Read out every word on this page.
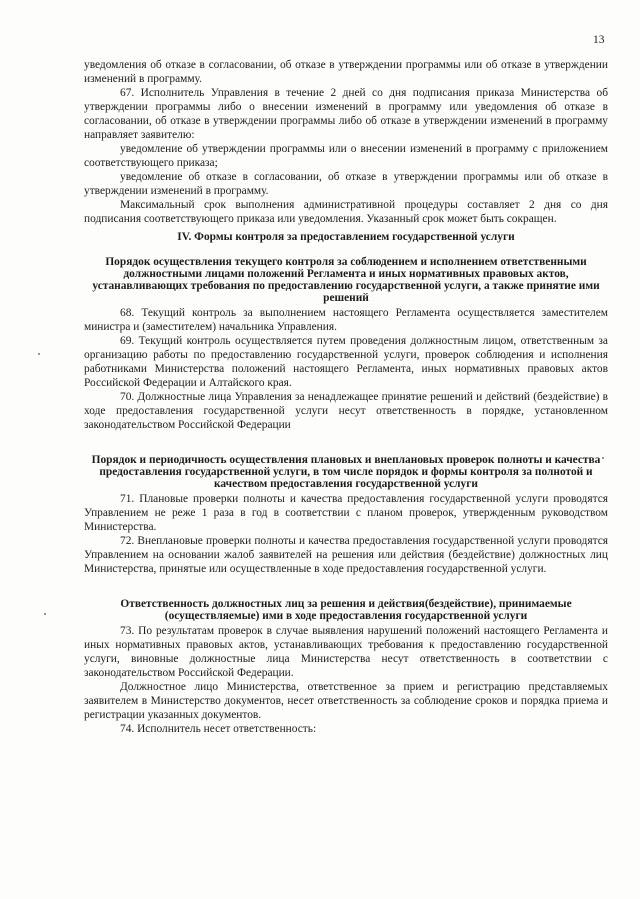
13

уведомления об отказе в согласовании, об отказе в утверждении программы или об отказе в утверждении изменений в программу.

67. Исполнитель Управления в течение 2 дней со дня подписания приказа Министерства об утверждении программы либо о внесении изменений в программу или уведомления об отказе в согласовании, об отказе в утверждении программы либо об отказе в утверждении изменений в программу направляет заявителю:

уведомление об утверждении программы или о внесении изменений в программу с приложением соответствующего приказа;

уведомление об отказе в согласовании, об отказе в утверждении программы или об отказе в утверждении изменений в программу.

Максимальный срок выполнения административной процедуры составляет 2 дня со дня подписания соответствующего приказа или уведомления. Указанный срок может быть сокращен.

IV. Формы контроля за предоставлением государственной услуги
Порядок осуществления текущего контроля за соблюдением и исполнением ответственными должностными лицами положений Регламента и иных нормативных правовых актов, устанавливающих требования по предоставлению государственной услуги, а также принятие ими решений

68. Текущий контроль за выполнением настоящего Регламента осуществляется заместителем министра и (заместителем) начальника Управления.

69. Текущий контроль осуществляется путем проведения должностным лицом, ответственным за организацию работы по предоставлению государственной услуги, проверок соблюдения и исполнения работниками Министерства положений настоящего Регламента, иных нормативных правовых актов Российской Федерации и Алтайского края.

70. Должностные лица Управления за ненадлежащее принятие решений и действий (бездействие) в ходе предоставления государственной услуги несут ответственность в порядке, установленном законодательством Российской Федерации

Порядок и периодичность осуществления плановых и внеплановых проверок полноты и качества предоставления государственной услуги, в том числе порядок и формы контроля за полнотой и качеством предоставления государственной услуги

71. Плановые проверки полноты и качества предоставления государственной услуги проводятся Управлением не реже 1 раза в год в соответствии с планом проверок, утвержденным руководством Министерства.

72. Внеплановые проверки полноты и качества предоставления государственной услуги проводятся Управлением на основании жалоб заявителей на решения или действия (бездействие) должностных лиц Министерства, принятые или осуществленные в ходе предоставления государственной услуги.

Ответственность должностных лиц за решения и действия(бездействие), принимаемые (осуществляемые) ими в ходе предоставления государственной услуги

73. По результатам проверок в случае выявления нарушений положений настоящего Регламента и иных нормативных правовых актов, устанавливающих требования к предоставлению государственной услуги, виновные должностные лица Министерства несут ответственность в соответствии с законодательством Российской Федерации.

Должностное лицо Министерства, ответственное за прием и регистрацию представляемых заявителем в Министерство документов, несет ответственность за соблюдение сроков и порядка приема и регистрации указанных документов.

74. Исполнитель несет ответственность:
